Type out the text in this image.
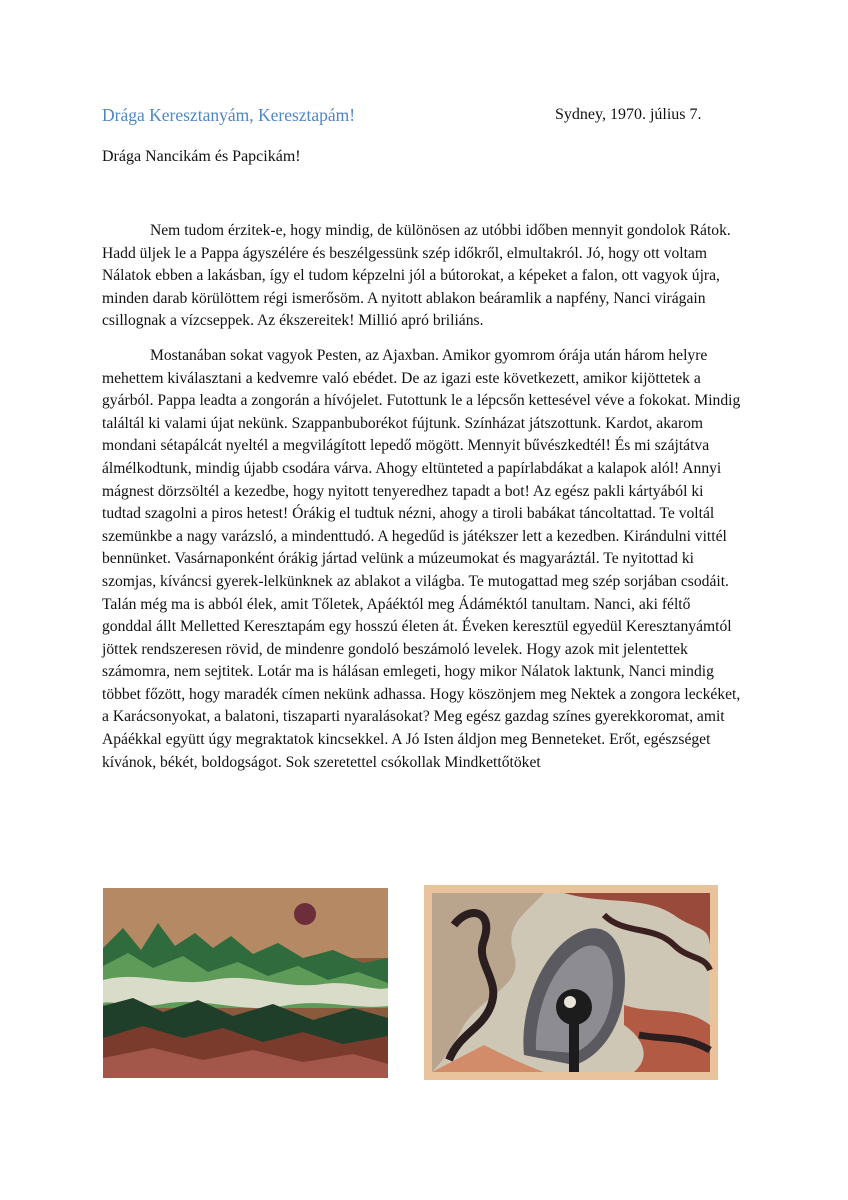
Drága Keresztanyám, Keresztapám!	Sydney, 1970. július 7.
Drága Nancikám és Papcikám!

Nem tudom érzitek-e, hogy mindig, de különösen az utóbbi időben mennyit gondolok Rátok. Hadd üljek le a Pappa ágyszélére és beszélgessünk szép időkről, elmultakról. Jó, hogy ott voltam Nálatok ebben a lakásban, így el tudom képzelni jól a bútorokat, a képeket a falon, ott vagyok újra, minden darab körülöttem régi ismerősöm. A nyitott ablakon beáramlik a napfény, Nanci virágain csillognak a vízcseppek. Az ékszereitek! Millió apró briliáns.

Mostanában sokat vagyok Pesten, az Ajaxban. Amikor gyomrom órája után három helyre mehettem kiválasztani a kedvemre való ebédet. De az igazi este következett, amikor kijöttetek a gyárból. Pappa leadta a zongorán a hívójelet. Futottunk le a lépcsőn kettesével véve a fokokat. Mindig találtál ki valami újat nekünk. Szappanbuborékot fújtunk. Színházat játszottunk. Kardot, akarom mondani sétapálcát nyeltél a megvilágított lepedő mögött. Mennyit bűvészkedtél! És mi szájtátva álmélkodtunk, mindig újabb csodára várva. Ahogy eltünteted a papírlabdákat a kalapok alól! Annyi mágnest dörzsöltél a kezedbe, hogy nyitott tenyeredhez tapadt a bot! Az egész pakli kártyából ki tudtad szagolni a piros hetest! Órákig el tudtuk nézni, ahogy a tiroli babákat táncoltattad. Te voltál szemünkbe a nagy varázsló, a mindenttudó. A hegedűd is játékszer lett a kezedben. Kirándulni vittél bennünket. Vasárnaponként órákig jártad velünk a múzeumokat és magyaráztál. Te nyitottad ki szomjas, kíváncsi gyerek-lelkünknek az ablakot a világba. Te mutogattad meg szép sorjában csodáit. Talán még ma is abból élek, amit Tőletek, Apáéktól meg Ádáméktól tanultam. Nanci, aki féltő gonddal állt Melletted Keresztapám egy hosszú életen át. Éveken keresztül egyedül Keresztanyámtól jöttek rendszeresen rövid, de mindenre gondoló beszámoló levelek. Hogy azok mit jelentettek számomra, nem sejtitek. Lotár ma is hálásan emlegeti, hogy mikor Nálatok laktunk, Nanci mindig többet főzött, hogy maradék címen nekünk adhassa. Hogy köszönjem meg Nektek a zongora leckéket, a Karácsonyokat, a balatoni, tiszaparti nyaralásokat? Meg egész gazdag színes gyerekkoromat, amit Apáékkal együtt úgy megraktatok kincsekkel. A Jó Isten áldjon meg Benneteket. Erőt, egészséget kívánok, békét, boldogságot. Sok szeretettel csókollak Mindkettőtöket
